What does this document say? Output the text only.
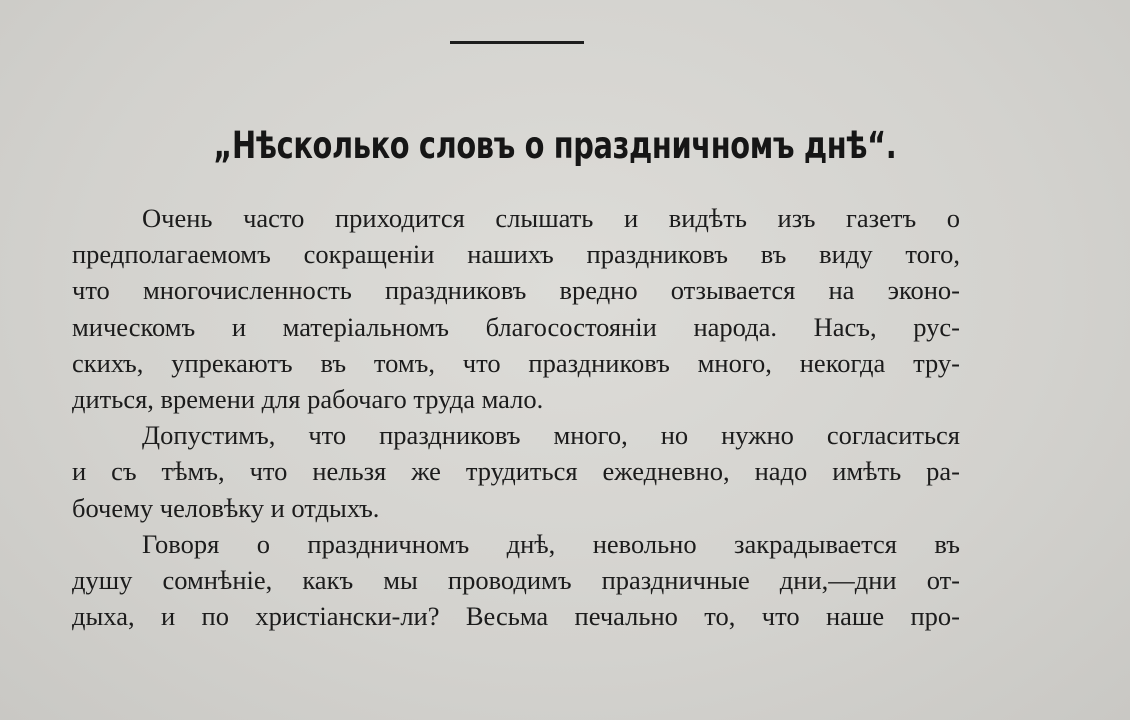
„Нѣсколько словъ о праздничномъ днѣ“.
Очень часто приходится слышать и видѣть изъ газетъ о
предполагаемомъ сокращеніи нашихъ праздниковъ въ виду того,
что многочисленность праздниковъ вредно отзывается на эконо-
мическомъ и матеріальномъ благосостояніи народа. Насъ, рус-
скихъ, упрекаютъ въ томъ, что праздниковъ много, некогда тру-
диться, времени для рабочаго труда мало.
Допустимъ, что праздниковъ много, но нужно согласиться
и съ тѣмъ, что нельзя же трудиться ежедневно, надо имѣть ра-
бочему человѣку и отдыхъ.
Говоря о праздничномъ днѣ, невольно закрадывается въ
душу сомнѣніе, какъ мы проводимъ праздничные дни,—дни от-
дыха, и по христіански-ли? Весьма печально то, что наше про-
